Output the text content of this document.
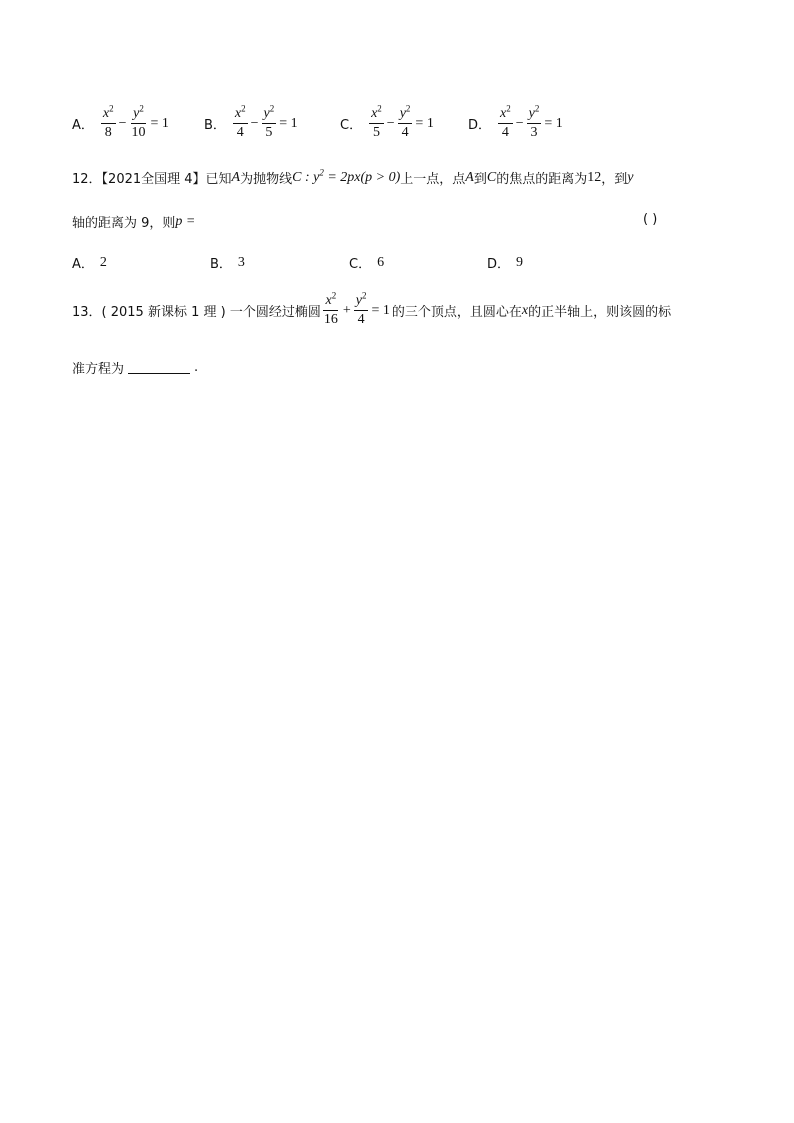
A． $\frac{x^2}{8} - \frac{y^2}{10} = 1$	B． $\frac{x^2}{4} - \frac{y^2}{5} = 1$	C． $\frac{x^2}{5} - \frac{y^2}{4} = 1$	D． $\frac{x^2}{4} - \frac{y^2}{3} = 1$
12．【2021全国理 4】已知 A 为抛物线 C : $y^2 = 2px(p > 0)$ 上一点，点 A 到 C 的焦点的距离为 12 ，到 y
轴的距离为 9，则 p =	( )
A． 2	B． 3	C． 6	D． 9
13．( 2015 新课标 1 理 ) 一个圆经过椭圆 $\frac{x^2}{16} + \frac{y^2}{4} = 1$ 的三个顶点，且圆心在 x 的正半轴上，则该圆的标
准方程为	.
